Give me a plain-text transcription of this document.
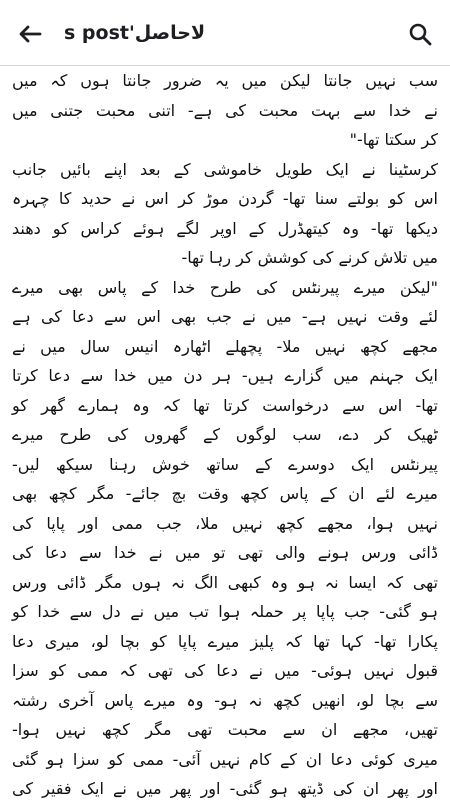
لاحاصل's post
سب نہیں جانتا لیکن میں یہ ضرور جانتا ہوں کہ میں
نے خدا سے بہت محبت کی ہے- اتنی محبت جتنی میں
کر سکتا تھا-"
کرسٹینا نے ایک طویل خاموشی کے بعد اپنے بائیں جانب
اس کو بولتے سنا تھا- گردن موڑ کر اس نے حدید کا چہرہ
دیکھا تھا- وہ کیتھڈرل کے اوپر لگے ہوئے کراس کو دھند
میں تلاش کرنے کی کوشش کر رہا تھا-
"لیکن میرے پیرنٹس کی طرح خدا کے پاس بھی میرے
لئے وقت نہیں ہے- میں نے جب بھی اس سے دعا کی ہے
مجھے کچھ نہیں ملا- پچھلے اٹھارہ انیس سال میں نے
ایک جہنم میں گزارے ہیں- ہر دن میں خدا سے دعا کرتا
تھا- اس سے درخواست کرتا تھا کہ وہ ہمارے گھر کو
ٹھیک کر دے، سب لوگوں کے گھروں کی طرح میرے
پیرنٹس ایک دوسرے کے ساتھ خوش رہنا سیکھ لیں-
میرے لئے ان کے پاس کچھ وقت بچ جائے- مگر کچھ بھی
نہیں ہوا، مجھے کچھ نہیں ملا، جب ممی اور پاپا کی
ڈائی ورس ہونے والی تھی تو میں نے خدا سے دعا کی
تھی کہ ایسا نہ ہو وہ کبھی الگ نہ ہوں مگر ڈائی ورس
ہو گئی- جب پاپا پر حملہ ہوا تب میں نے دل سے خدا کو
پکارا تھا- کہا تھا کہ پلیز میرے پاپا کو بچا لو، میری دعا
قبول نہیں ہوئی- میں نے دعا کی تھی کہ ممی کو سزا
سے بچا لو، انھیں کچھ نہ ہو- وہ میرے پاس آخری رشتہ
تھیں، مجھے ان سے محبت تھی مگر کچھ نہیں ہوا-
میری کوئی دعا ان کے کام نہیں آئی- ممی کو سزا ہو گئی
اور پھر ان کی ڈیتھ ہو گئی- اور پھر میں نے ایک فقیر کی
